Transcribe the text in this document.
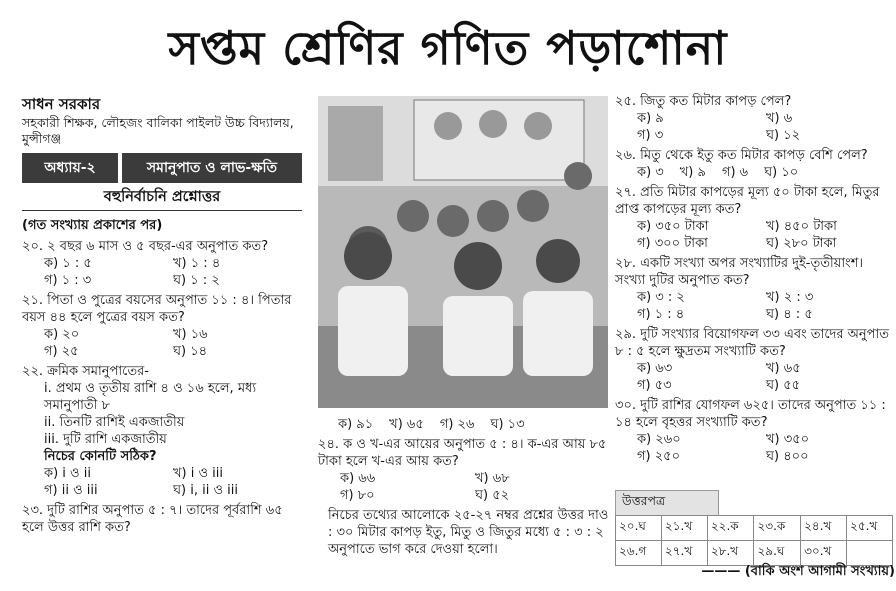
সপ্তম শ্রেণির গণিত পড়াশোনা
সাধন সরকার
সহকারী শিক্ষক, লৌহজং বালিকা পাইলট উচ্চ বিদ্যালয়, মুন্সীগঞ্জ
অধ্যায়-২	সমানুপাত ও লাভ-ক্ষতি
বহুনির্বাচনি প্রশ্নোত্তর
(গত সংখ্যায় প্রকাশের পর)
২০. ২ বছর ৬ মাস ও ৫ বছর-এর অনুপাত কত?
ক) ১ : ৫	খ) ১ : ৪
গ) ১ : ৩	ঘ) ১ : ২
২১. পিতা ও পুত্রের বয়সের অনুপাত ১১ : ৪। পিতার বয়স ৪৪ হলে পুত্রের বয়স কত?
ক) ২০	খ) ১৬
গ) ২৫	ঘ) ১৪
২২. ক্রমিক সমানুপাতের-
i. প্রথম ও তৃতীয় রাশি ৪ ও ১৬ হলে, মধ্য সমানুপাতী ৮
ii. তিনটি রাশিই একজাতীয়
iii. দুটি রাশি একজাতীয়
নিচের কোনটি সঠিক?
ক) i ও ii	খ) i ও iii
গ) ii ও iii	ঘ) i, ii ও iii
২৩. দুটি রাশির অনুপাত ৫ : ৭। তাদের পূর্বরাশি ৬৫ হলে উত্তর রাশি কত?
ক) ৯১ খ) ৬৫ গ) ২৬ ঘ) ১৩
২৪. ক ও খ-এর আয়ের অনুপাত ৫ : ৪। ক-এর আয় ৮৫ টাকা হলে খ-এর আয় কত?
ক) ৬৬	খ) ৬৮
গ) ৮০	ঘ) ৫২
নিচের তথ্যের আলোকে ২৫-২৭ নম্বর প্রশ্নের উত্তর দাও : ৩০ মিটার কাপড় ইতু, মিতু ও জিতুর মধ্যে ৫ : ৩ : ২ অনুপাতে ভাগ করে দেওয়া হলো।
২৫. জিতু কত মিটার কাপড় পেল?
ক) ৯	খ) ৬
গ) ৩	ঘ) ১২
২৬. মিতু থেকে ইতু কত মিটার কাপড় বেশি পেল?
ক) ৩ খ) ৯ গ) ৬ ঘ) ১০
২৭. প্রতি মিটার কাপড়ের মূল্য ৫০ টাকা হলে, মিতুর প্রাপ্ত কাপড়ের মূল্য কত?
ক) ৩৫০ টাকা	খ) ৪৫০ টাকা
গ) ৩০০ টাকা	ঘ) ২৮০ টাকা
২৮. একটি সংখ্যা অপর সংখ্যাটির দুই-তৃতীয়াংশ। সংখ্যা দুটির অনুপাত কত?
ক) ৩ : ২	খ) ২ : ৩
গ) ১ : ৪	ঘ) ৪ : ৫
২৯. দুটি সংখ্যার বিয়োগফল ৩৩ এবং তাদের অনুপাত ৮ : ৫ হলে ক্ষুদ্রতম সংখ্যাটি কত?
ক) ৬৩	খ) ৬৫
গ) ৫৩	ঘ) ৫৫
৩০. দুটি রাশির যোগফল ৬২৫। তাদের অনুপাত ১১ : ১৪ হলে বৃহত্তর সংখ্যাটি কত?
ক) ২৬০	খ) ৩৫০
গ) ২৫০	ঘ) ৪০০
উত্তরপত্র
২০.ঘ	২১.খ	২২.ক	২৩.ক	২৪.খ	২৫.খ
২৬.গ	২৭.খ	২৮.খ	২৯.ঘ	৩০.খ	
——— (বাকি অংশ আগামী সংখ্যায়)
